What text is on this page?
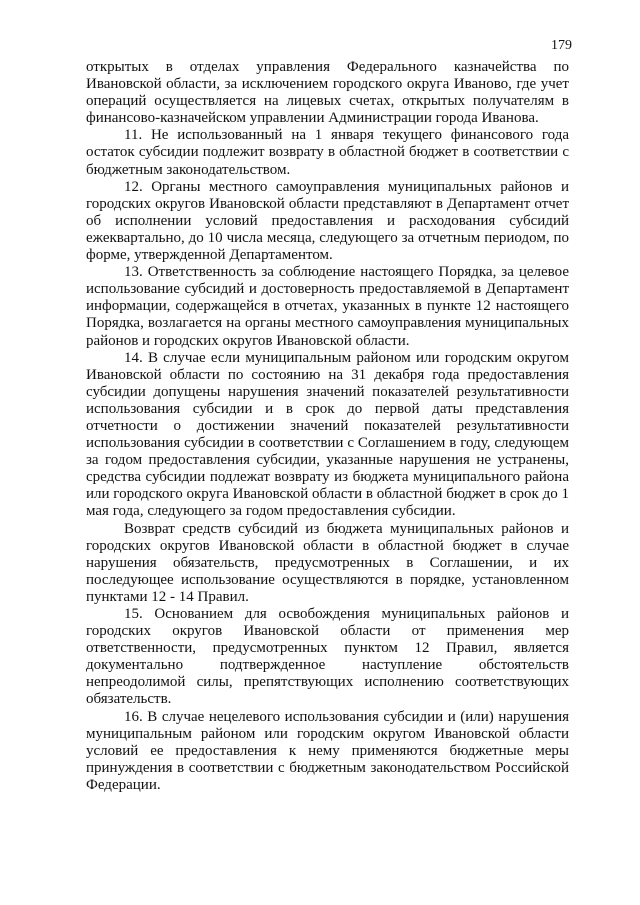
179

открытых в отделах управления Федерального казначейства по Ивановской области, за исключением городского округа Иваново, где учет операций осуществляется на лицевых счетах, открытых получателям в финансово-казначейском управлении Администрации города Иванова.

11. Не использованный на 1 января текущего финансового года остаток субсидии подлежит возврату в областной бюджет в соответствии с бюджетным законодательством.

12. Органы местного самоуправления муниципальных районов и городских округов Ивановской области представляют в Департамент отчет об исполнении условий предоставления и расходования субсидий ежеквартально, до 10 числа месяца, следующего за отчетным периодом, по форме, утвержденной Департаментом.

13. Ответственность за соблюдение настоящего Порядка, за целевое использование субсидий и достоверность предоставляемой в Департамент информации, содержащейся в отчетах, указанных в пункте 12 настоящего Порядка, возлагается на органы местного самоуправления муниципальных районов и городских округов Ивановской области.

14. В случае если муниципальным районом или городским округом Ивановской области по состоянию на 31 декабря года предоставления субсидии допущены нарушения значений показателей результативности использования субсидии и в срок до первой даты представления отчетности о достижении значений показателей результативности использования субсидии в соответствии с Соглашением в году, следующем за годом предоставления субсидии, указанные нарушения не устранены, средства субсидии подлежат возврату из бюджета муниципального района или городского округа Ивановской области в областной бюджет в срок до 1 мая года, следующего за годом предоставления субсидии.

Возврат средств субсидий из бюджета муниципальных районов и городских округов Ивановской области в областной бюджет в случае нарушения обязательств, предусмотренных в Соглашении, и их последующее использование осуществляются в порядке, установленном пунктами 12 - 14 Правил.

15. Основанием для освобождения муниципальных районов и городских округов Ивановской области от применения мер ответственности, предусмотренных пунктом 12 Правил, является документально подтвержденное наступление обстоятельств непреодолимой силы, препятствующих исполнению соответствующих обязательств.

16. В случае нецелевого использования субсидии и (или) нарушения муниципальным районом или городским округом Ивановской области условий ее предоставления к нему применяются бюджетные меры принуждения в соответствии с бюджетным законодательством Российской Федерации.
